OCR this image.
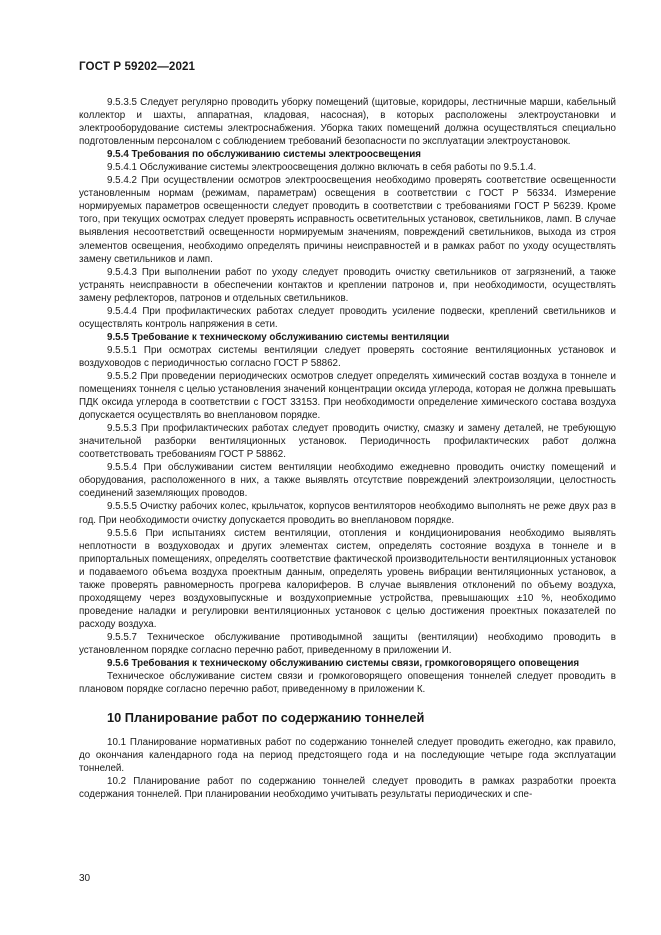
ГОСТ Р 59202—2021

9.5.3.5 Следует регулярно проводить уборку помещений (щитовые, коридоры, лестничные марши, кабельный коллектор и шахты, аппаратная, кладовая, насосная), в которых расположены электроустановки и электрооборудование системы электроснабжения. Уборка таких помещений должна осуществляться специально подготовленным персоналом с соблюдением требований безопасности по эксплуатации электроустановок.

9.5.4 Требования по обслуживанию системы электроосвещения

9.5.4.1 Обслуживание системы электроосвещения должно включать в себя работы по 9.5.1.4.

9.5.4.2 При осуществлении осмотров электроосвещения необходимо проверять соответствие освещенности установленным нормам (режимам, параметрам) освещения в соответствии с ГОСТ Р 56334. Измерение нормируемых параметров освещенности следует проводить в соответствии с требованиями ГОСТ Р 56239. Кроме того, при текущих осмотрах следует проверять исправность осветительных установок, светильников, ламп. В случае выявления несоответствий освещенности нормируемым значениям, повреждений светильников, выхода из строя элементов освещения, необходимо определять причины неисправностей и в рамках работ по уходу осуществлять замену светильников и ламп.

9.5.4.3 При выполнении работ по уходу следует проводить очистку светильников от загрязнений, а также устранять неисправности в обеспечении контактов и креплении патронов и, при необходимости, осуществлять замену рефлекторов, патронов и отдельных светильников.

9.5.4.4 При профилактических работах следует проводить усиление подвески, креплений светильников и осуществлять контроль напряжения в сети.

9.5.5 Требование к техническому обслуживанию системы вентиляции

9.5.5.1 При осмотрах системы вентиляции следует проверять состояние вентиляционных установок и воздуховодов с периодичностью согласно ГОСТ Р 58862.

9.5.5.2 При проведении периодических осмотров следует определять химический состав воздуха в тоннеле и помещениях тоннеля с целью установления значений концентрации оксида углерода, которая не должна превышать ПДК оксида углерода в соответствии с ГОСТ 33153. При необходимости определение химического состава воздуха допускается осуществлять во внеплановом порядке.

9.5.5.3 При профилактических работах следует проводить очистку, смазку и замену деталей, не требующую значительной разборки вентиляционных установок. Периодичность профилактических работ должна соответствовать требованиям ГОСТ Р 58862.

9.5.5.4 При обслуживании систем вентиляции необходимо ежедневно проводить очистку помещений и оборудования, расположенного в них, а также выявлять отсутствие повреждений электроизоляции, целостность соединений заземляющих проводов.

9.5.5.5 Очистку рабочих колес, крыльчаток, корпусов вентиляторов необходимо выполнять не реже двух раз в год. При необходимости очистку допускается проводить во внеплановом порядке.

9.5.5.6 При испытаниях систем вентиляции, отопления и кондиционирования необходимо выявлять неплотности в воздуховодах и других элементах систем, определять состояние воздуха в тоннеле и в припортальных помещениях, определять соответствие фактической производительности вентиляционных установок и подаваемого объема воздуха проектным данным, определять уровень вибрации вентиляционных установок, а также проверять равномерность прогрева калориферов. В случае выявления отклонений по объему воздуха, проходящему через воздуховыпускные и воздухоприемные устройства, превышающих ±10 %, необходимо проведение наладки и регулировки вентиляционных установок с целью достижения проектных показателей по расходу воздуха.

9.5.5.7 Техническое обслуживание противодымной защиты (вентиляции) необходимо проводить в установленном порядке согласно перечню работ, приведенному в приложении И.

9.5.6 Требования к техническому обслуживанию системы связи, громкоговорящего оповещения

Техническое обслуживание систем связи и громкоговорящего оповещения тоннелей следует проводить в плановом порядке согласно перечню работ, приведенному в приложении К.

10 Планирование работ по содержанию тоннелей

10.1 Планирование нормативных работ по содержанию тоннелей следует проводить ежегодно, как правило, до окончания календарного года на период предстоящего года и на последующие четыре года эксплуатации тоннелей.

10.2 Планирование работ по содержанию тоннелей следует проводить в рамках разработки проекта содержания тоннелей. При планировании необходимо учитывать результаты периодических и спе-

30
